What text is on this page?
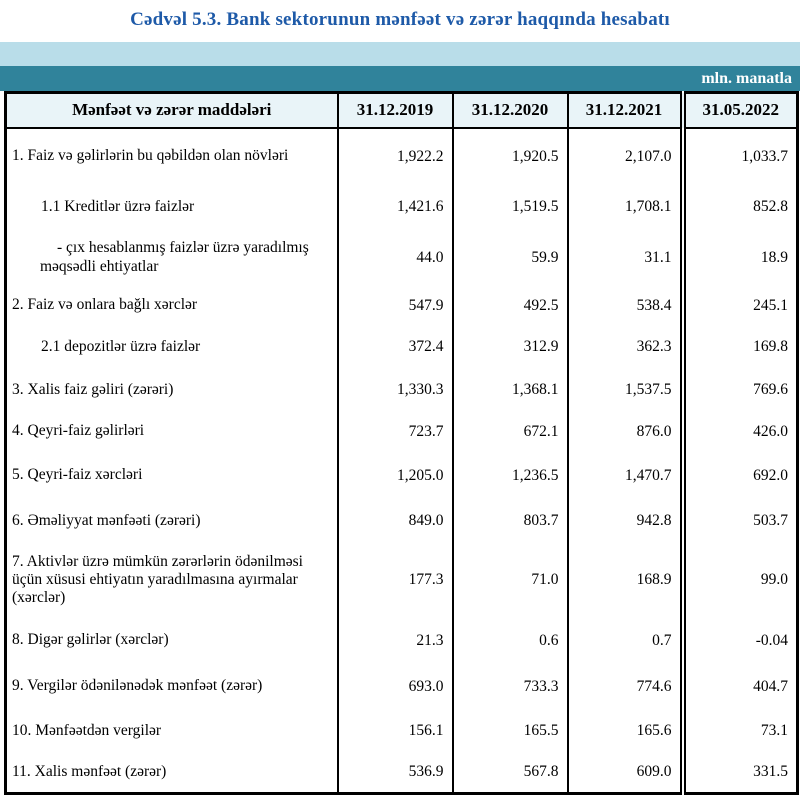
Cədvəl 5.3. Bank sektorunun mənfəət və zərər haqqında hesabatı
mln. manatla
Mənfəət və zərər maddələri	31.12.2019	31.12.2020	31.12.2021	31.05.2022
1. Faiz və gəlirlərin bu qəbildən olan növləri	1,922.2	1,920.5	2,107.0	1,033.7
1.1 Kreditlər üzrə faizlər	1,421.6	1,519.5	1,708.1	852.8
- çıx hesablanmış faizlər üzrə yaradılmış məqsədli ehtiyatlar	44.0	59.9	31.1	18.9
2. Faiz və onlara bağlı xərclər	547.9	492.5	538.4	245.1
2.1 depozitlər üzrə faizlər	372.4	312.9	362.3	169.8
3. Xalis faiz gəliri (zərəri)	1,330.3	1,368.1	1,537.5	769.6
4. Qeyri-faiz gəlirləri	723.7	672.1	876.0	426.0
5. Qeyri-faiz xərcləri	1,205.0	1,236.5	1,470.7	692.0
6. Əməliyyat mənfəəti (zərəri)	849.0	803.7	942.8	503.7
7. Aktivlər üzrə mümkün zərərlərin ödənilməsi üçün xüsusi ehtiyatın yaradılmasına ayırmalar (xərclər)	177.3	71.0	168.9	99.0
8. Digər gəlirlər (xərclər)	21.3	0.6	0.7	-0.04
9. Vergilər ödənilənədək mənfəət (zərər)	693.0	733.3	774.6	404.7
10. Mənfəətdən vergilər	156.1	165.5	165.6	73.1
11. Xalis mənfəət (zərər)	536.9	567.8	609.0	331.5
